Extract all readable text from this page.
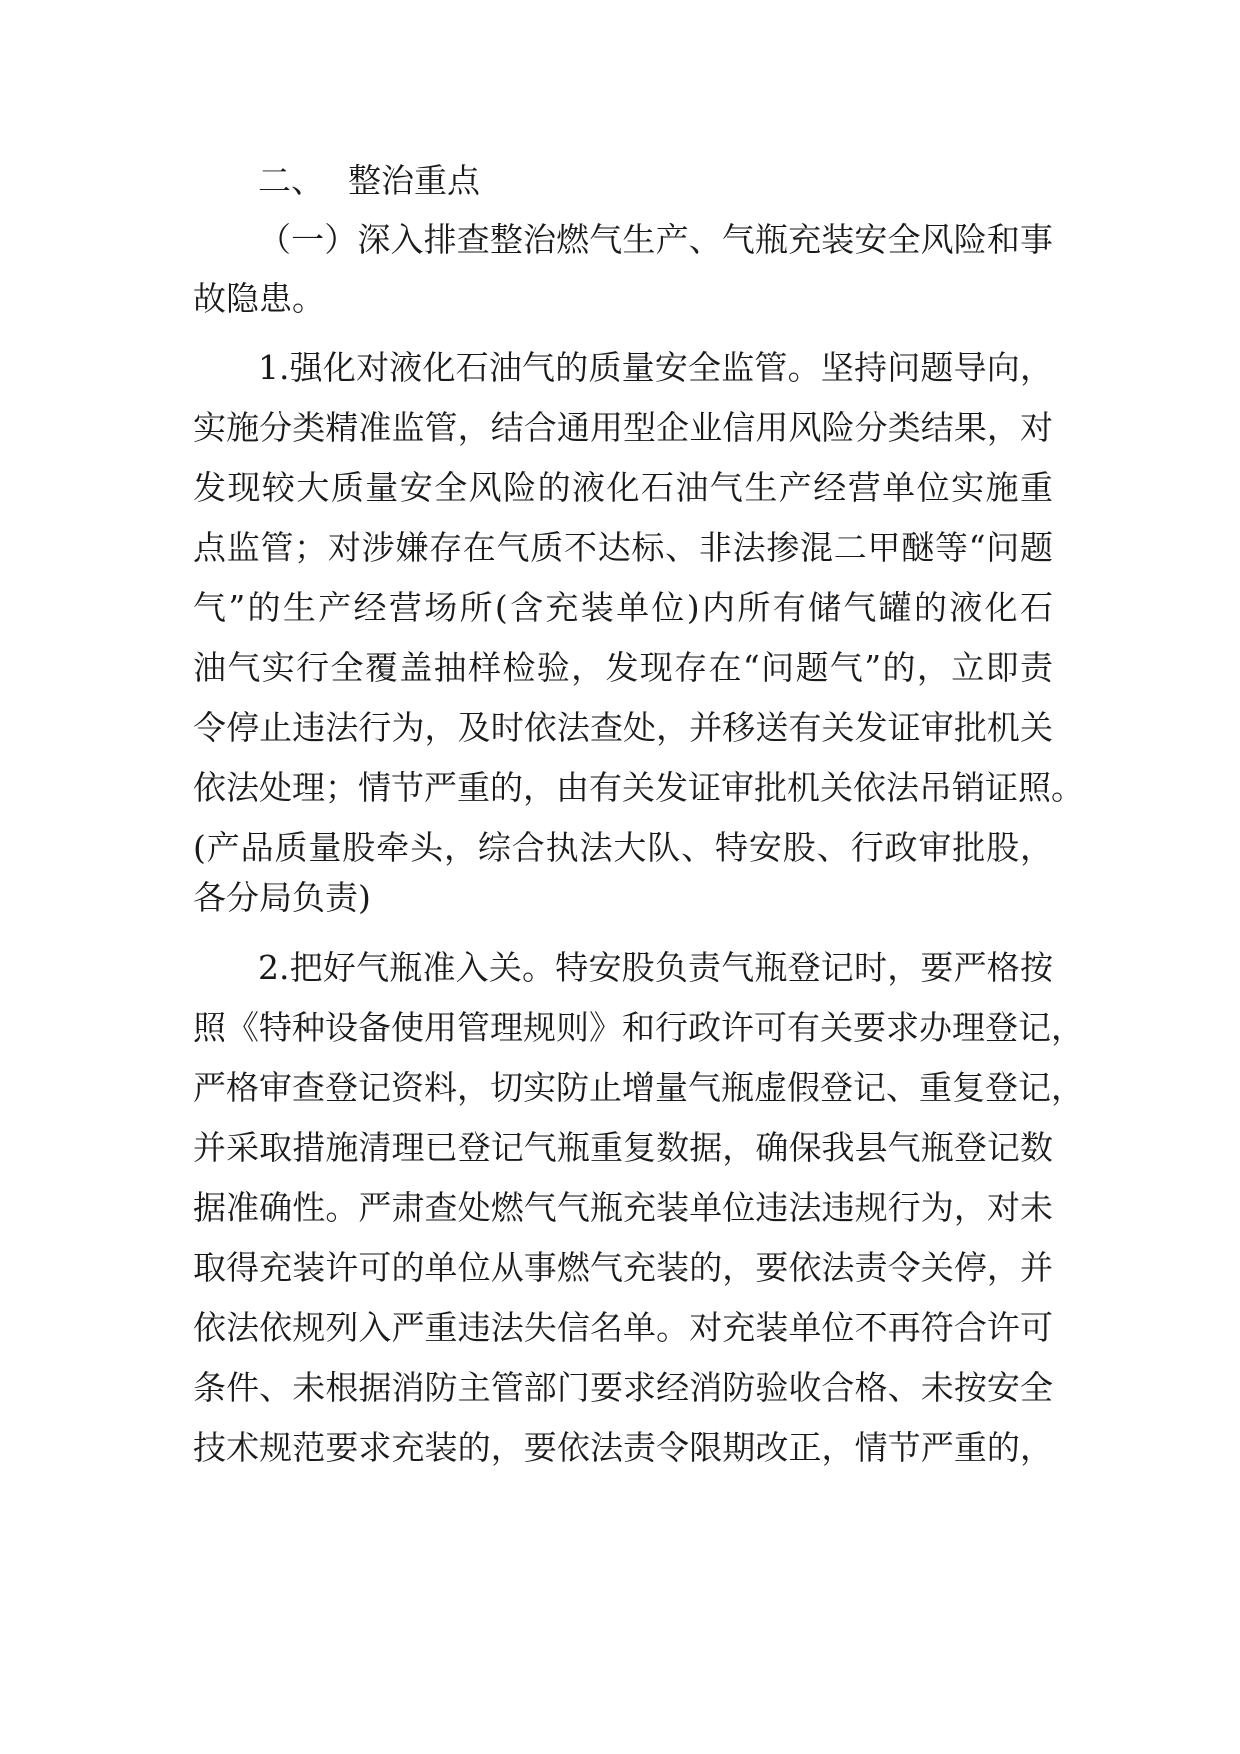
二、 整治重点

（一）深入排查整治燃气生产、气瓶充装安全风险和事

故隐患。

1.强化对液化石油气的质量安全监管。坚持问题导向，

实施分类精准监管，结合通用型企业信用风险分类结果，对

发现较大质量安全风险的液化石油气生产经营单位实施重

点监管；对涉嫌存在气质不达标、非法掺混二甲醚等“问题

气”的生产经营场所(含充装单位)内所有储气罐的液化石

油气实行全覆盖抽样检验，发现存在“问题气”的，立即责

令停止违法行为，及时依法查处，并移送有关发证审批机关

依法处理；情节严重的，由有关发证审批机关依法吊销证照。

(产品质量股牵头，综合执法大队、特安股、行政审批股，

各分局负责)

2.把好气瓶准入关。特安股负责气瓶登记时，要严格按

照《特种设备使用管理规则》和行政许可有关要求办理登记，

严格审查登记资料，切实防止增量气瓶虚假登记、重复登记，

并采取措施清理已登记气瓶重复数据，确保我县气瓶登记数

据准确性。严肃查处燃气气瓶充装单位违法违规行为，对未

取得充装许可的单位从事燃气充装的，要依法责令关停，并

依法依规列入严重违法失信名单。对充装单位不再符合许可

条件、未根据消防主管部门要求经消防验收合格、未按安全

技术规范要求充装的，要依法责令限期改正，情节严重的，
